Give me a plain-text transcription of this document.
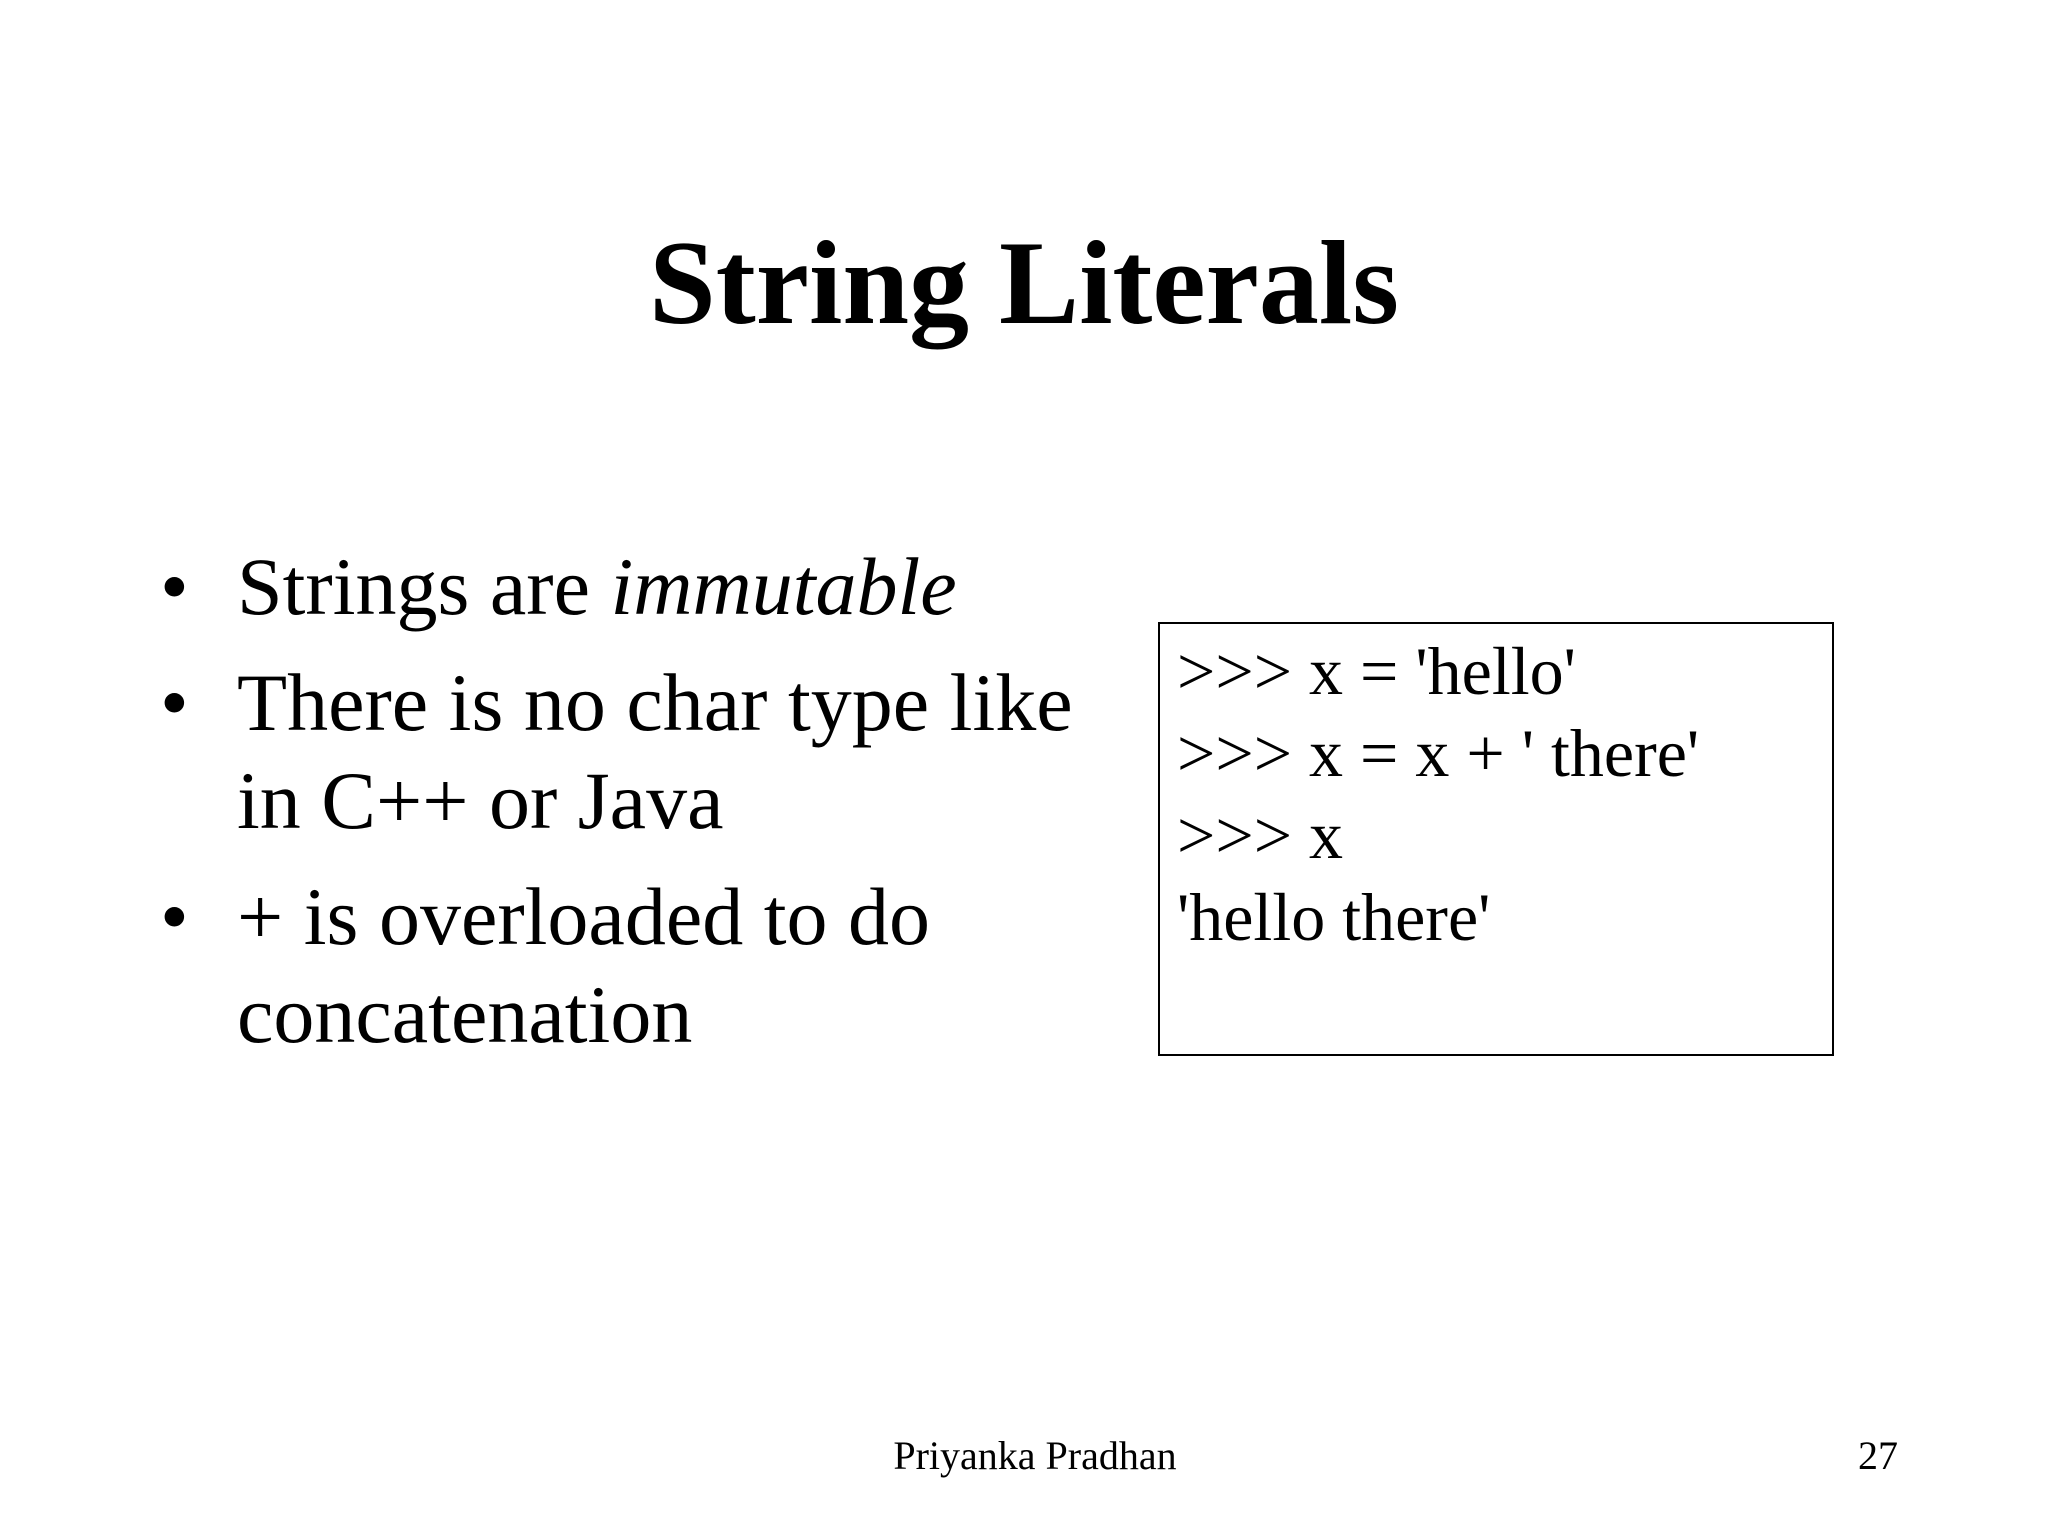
String Literals
• Strings are immutable
• There is no char type like
in C++ or Java
• + is overloaded to do
concatenation

>>> x = 'hello'

>>> x = x + ' there'

>>> x

'hello there'

Priyanka Pradhan	27
